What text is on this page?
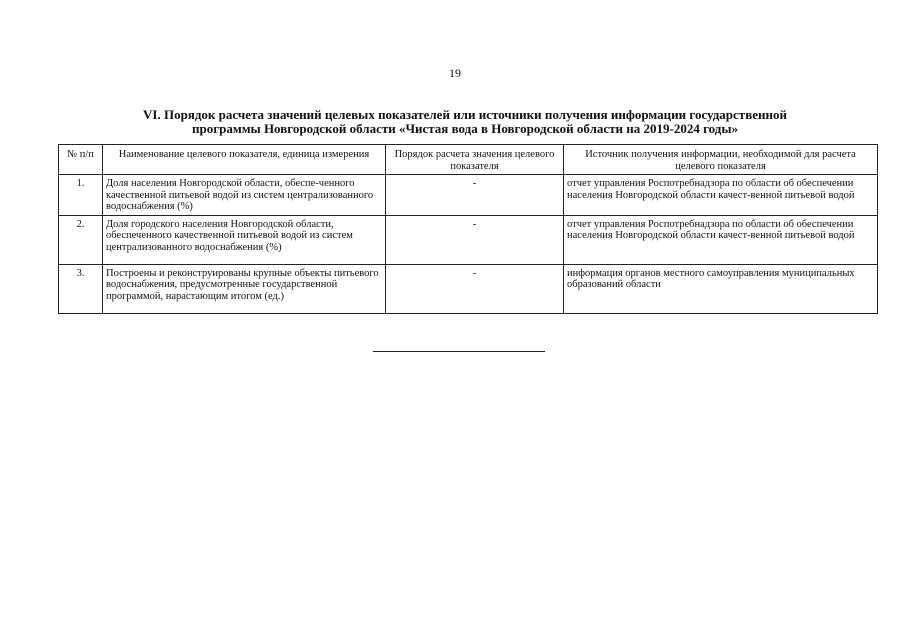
19
VI. Порядок расчета значений целевых показателей или источники получения информации государственной
программы Новгородской области «Чистая вода в Новгородской области на 2019-2024 годы»
№ п/п	Наименование целевого показателя, единица измерения	Порядок расчета значения целевого показателя	Источник получения информации, необходимой для расчета целевого показателя
1.	Доля населения Новгородской области, обеспе-ченного качественной питьевой водой из систем централизованного водоснабжения (%)	-	отчет управления Роспотребнадзора по области об обеспечении населения Новгородской области качест-венной питьевой водой
2.	Доля городского населения Новгородской области, обеспеченного качественной питьевой водой из систем централизованного водоснабжения (%)	-	отчет управления Роспотребнадзора по области об обеспечении населения Новгородской области качест-венной питьевой водой
3.	Построены и реконструированы крупные объекты питьевого водоснабжения, предусмотренные государственной программой, нарастающим итогом (ед.)	-	информация органов местного самоуправления муниципальных образований области
